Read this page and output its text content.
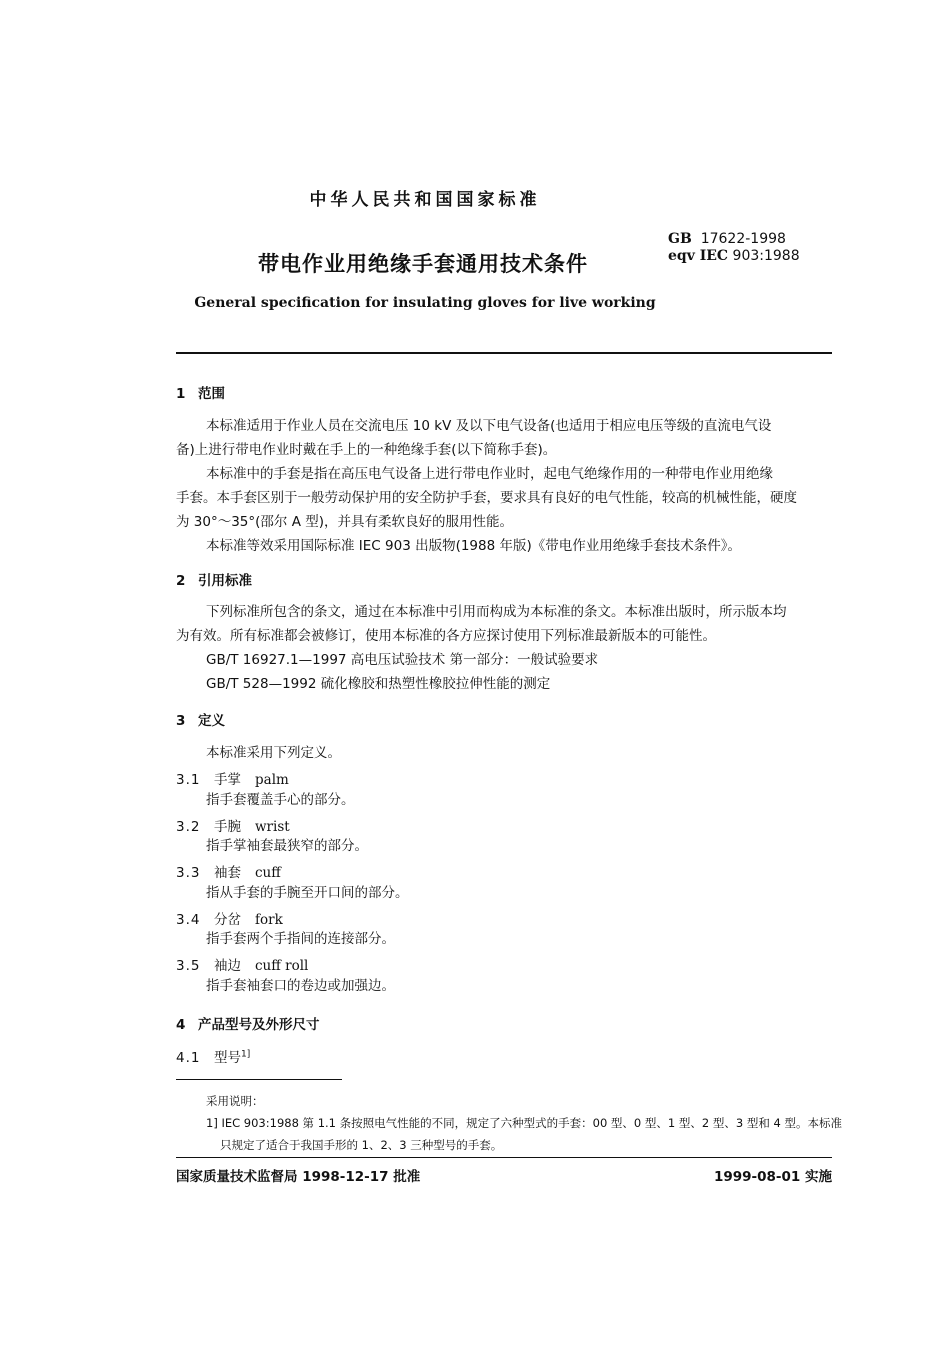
中华人民共和国国家标准
带电作业用绝缘手套通用技术条件
GB 17622-1998
eqv IEC 903:1988
General specification for insulating gloves for live working
1 范围
本标准适用于作业人员在交流电压 10 kV 及以下电气设备(也适用于相应电压等级的直流电气设
备)上进行带电作业时戴在手上的一种绝缘手套(以下简称手套)。
本标准中的手套是指在高压电气设备上进行带电作业时，起电气绝缘作用的一种带电作业用绝缘
手套。本手套区别于一般劳动保护用的安全防护手套，要求具有良好的电气性能，较高的机械性能，硬度
为 30°～35°(邵尔 A 型)，并具有柔软良好的服用性能。
本标准等效采用国际标准 IEC 903 出版物(1988 年版)《带电作业用绝缘手套技术条件》。
2 引用标准
下列标准所包含的条文，通过在本标准中引用而构成为本标准的条文。本标准出版时，所示版本均
为有效。所有标准都会被修订，使用本标准的各方应探讨使用下列标准最新版本的可能性。
GB/T 16927.1—1997 高电压试验技术 第一部分：一般试验要求
GB/T 528—1992 硫化橡胶和热塑性橡胶拉伸性能的测定
3 定义
本标准采用下列定义。
3.1 手掌 palm
指手套覆盖手心的部分。
3.2 手腕 wrist
指手掌袖套最狭窄的部分。
3.3 袖套 cuff
指从手套的手腕至开口间的部分。
3.4 分岔 fork
指手套两个手指间的连接部分。
3.5 袖边 cuff roll
指手套袖套口的卷边或加强边。
4 产品型号及外形尺寸
4.1 型号$^{1]}$
采用说明：
1] IEC 903:1988 第 1.1 条按照电气性能的不同，规定了六种型式的手套：00 型、0 型、1 型、2 型、3 型和 4 型。本标准
只规定了适合于我国手形的 1、2、3 三种型号的手套。
国家质量技术监督局 1998-12-17 批准	1999-08-01 实施
